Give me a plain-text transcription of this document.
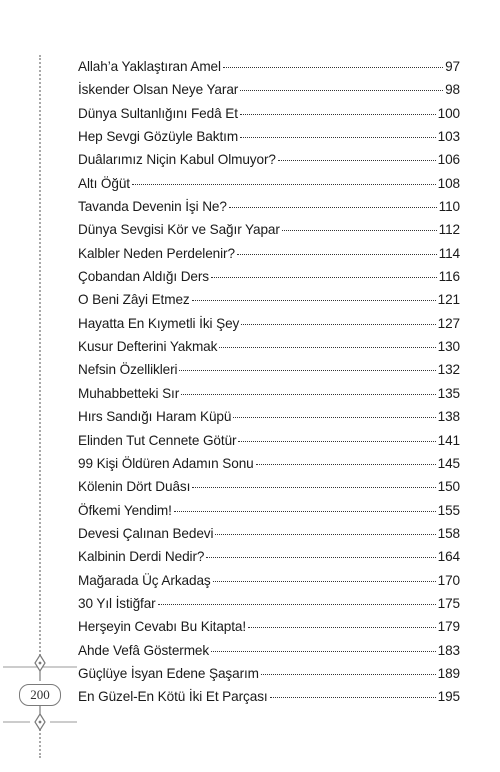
Allah’a Yaklaştıran Amel	97
İskender Olsan Neye Yarar	98
Dünya Sultanlığını Fedâ Et	100
Hep Sevgi Gözüyle Baktım	103
Duâlarımız Niçin Kabul Olmuyor?	106
Altı Öğüt	108
Tavanda Devenin İşi Ne?	110
Dünya Sevgisi Kör ve Sağır Yapar	112
Kalbler Neden Perdelenir?	114
Çobandan Aldığı Ders	116
O Beni Zâyi Etmez	121
Hayatta En Kıymetli İki Şey	127
Kusur Defterini Yakmak	130
Nefsin Özellikleri	132
Muhabbetteki Sır	135
Hırs Sandığı Haram Küpü	138
Elinden Tut Cennete Götür	141
99 Kişi Öldüren Adamın Sonu	145
Kölenin Dört Duâsı	150
Öfkemi Yendim!	155
Devesi Çalınan Bedevi	158
Kalbinin Derdi Nedir?	164
Mağarada Üç Arkadaş	170
30 Yıl İstiğfar	175
Herşeyin Cevabı Bu Kitapta!	179
Ahde Vefâ Göstermek	183
Güçlüye İsyan Edene Şaşarım	189
En Güzel-En Kötü İki Et Parçası	195
200
